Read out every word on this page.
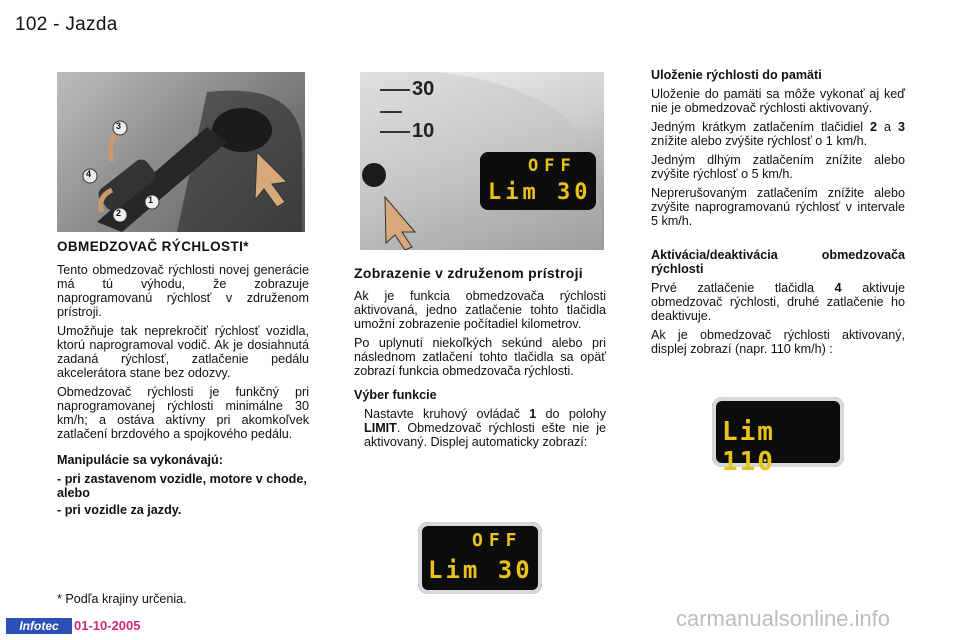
102 - Jazda
3
4
2
1
30
10
OFF
Lim 30
OBMEDZOVAČ RÝCHLOSTI*

Tento obmedzovač rýchlosti novej generácie má tú výhodu, že zobrazuje naprogramovanú rýchlosť v združenom prístroji.

Umožňuje tak neprekročiť rýchlosť vozidla, ktorú naprogramoval vodič. Ak je dosiahnutá zadaná rýchlosť, zatlačenie pedálu akcelerátora stane bez odozvy.

Obmedzovač rýchlosti je funkčný pri naprogramovanej rýchlosti minimálne 30 km/h; a ostáva aktívny pri akomkoľvek zatlačení brzdového a spojkového pedálu.

Manipulácie sa vykonávajú:

- pri zastavenom vozidle, motore v chode,

alebo

- pri vozidle za jazdy.

* Podľa krajiny určenia.
Zobrazenie v združenom prístroji

Ak je funkcia obmedzovača rýchlosti aktivovaná, jedno zatlačenie tohto tlačidla umožní zobrazenie počítadiel kilometrov.

Po uplynutí niekoľkých sekúnd alebo pri následnom zatlačení tohto tlačidla sa opäť zobrazí funkcia obmedzovača rýchlosti.

Výber funkcie

Nastavte kruhový ovládač 1 do polohy LIMIT. Obmedzovač rýchlosti ešte nie je aktivovaný. Displej automaticky zobrazí:
OFF
Lim 30

Uloženie rýchlosti do pamäti

Uloženie do pamäti sa môže vykonať aj keď nie je obmedzovač rýchlosti aktivovaný.

Jedným krátkym zatlačením tlačidiel 2 a 3 znížite alebo zvýšite rýchlosť o 1 km/h.

Jedným dlhým zatlačením znížite alebo zvýšite rýchlosť o 5 km/h.

Neprerušovaným zatlačením znížite alebo zvýšite naprogramovanú rýchlosť v intervale 5 km/h.

Aktivácia/deaktivácia obmedzovača rýchlosti

Prvé zatlačenie tlačidla 4 aktivuje obmedzovač rýchlosti, druhé zatlačenie ho deaktivuje.

Ak je obmedzovač rýchlosti aktivovaný, displej zobrazí (napr. 110 km/h) :

Lim 110
Infotec	01-10-2005	carmanualsonline.info
